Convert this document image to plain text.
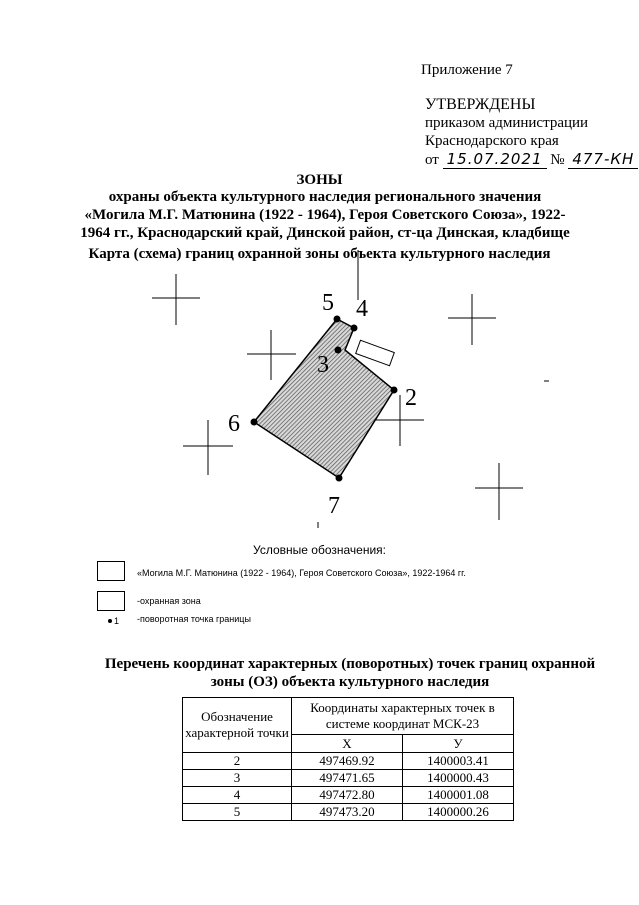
Приложение 7
УТВЕРЖДЕНЫ
приказом администрации
Краснодарского края
от 15.07.2021 № 477-КН
ЗОНЫ
охраны объекта культурного наследия регионального значения «Могила М.Г. Матюнина (1922 - 1964), Героя Советского Союза», 1922-1964 гг., Краснодарский край, Динской район, ст-ца Динская, кладбище
Карта (схема) границ охранной зоны объекта культурного наследия
2
3
4
5
6
7
1
Условные обозначения:
«Могила М.Г. Матюнина (1922 - 1964), Героя Советского Союза», 1922-1964 гг.
-охранная зона
-поворотная точка границы
Перечень координат характерных (поворотных) точек границ охранной зоны (ОЗ) объекта культурного наследия
Обозначение характерной точки	Координаты характерных точек в системе координат МСК-23	
	X	У
2	497469.92	1400003.41
3	497471.65	1400000.43
4	497472.80	1400001.08
5	497473.20	1400000.26
